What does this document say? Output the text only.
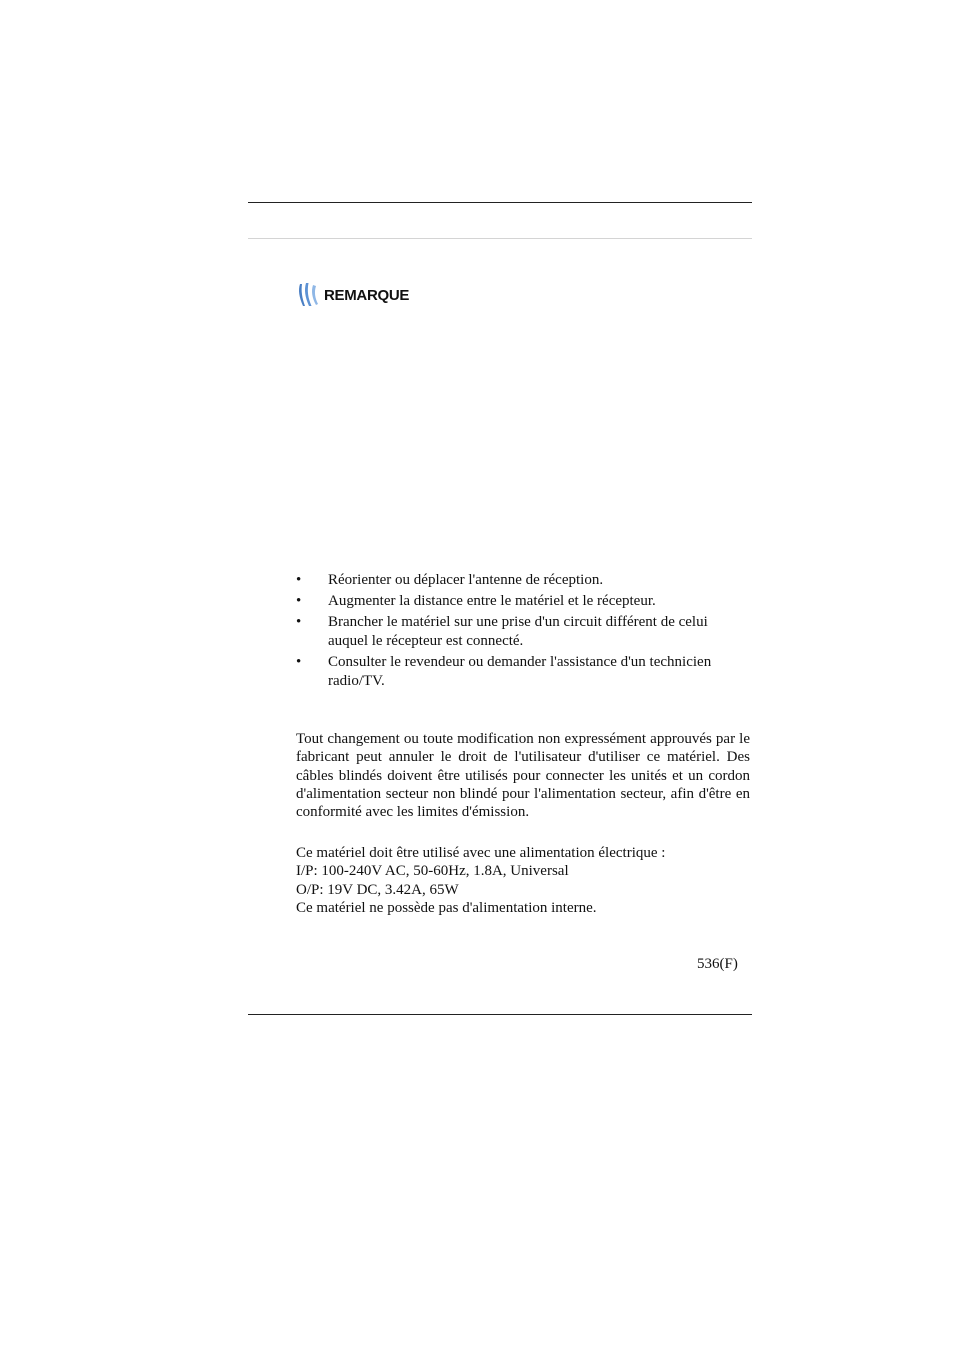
REMARQUE
• Réorienter ou déplacer l'antenne de réception.
• Augmenter la distance entre le matériel et le récepteur.
• Brancher le matériel sur une prise d'un circuit différent de celui auquel le récepteur est connecté.
• Consulter le revendeur ou demander l'assistance d'un technicien radio/TV.

Tout changement ou toute modification non expressément approuvés par le fabricant peut annuler le droit de l'utilisateur d'utiliser ce matériel. Des câbles blindés doivent être utilisés pour connecter les unités et un cordon d'alimentation secteur non blindé pour l'alimentation secteur, afin d'être en conformité avec les limites d'émission.

Ce matériel doit être utilisé avec une alimentation électrique :
I/P: 100-240V AC, 50-60Hz, 1.8A, Universal
O/P: 19V DC, 3.42A, 65W
Ce matériel ne possède pas d'alimentation interne.
536(F)
